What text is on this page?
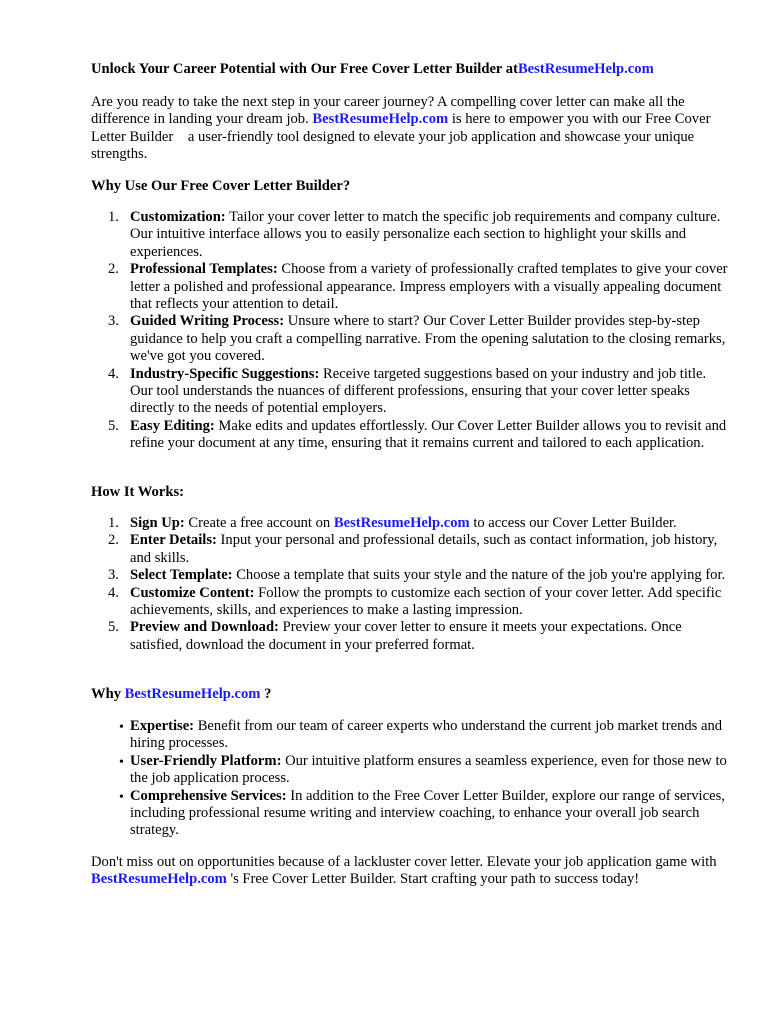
Unlock Your Career Potential with Our Free Cover Letter Builder atBestResumeHelp.com

Are you ready to take the next step in your career journey? A compelling cover letter can make all the difference in landing your dream job. BestResumeHelp.com is here to empower you with our Free Cover Letter Builder    a user-friendly tool designed to elevate your job application and showcase your unique strengths.

Why Use Our Free Cover Letter Builder?

1. Customization: Tailor your cover letter to match the specific job requirements and company culture. Our intuitive interface allows you to easily personalize each section to highlight your skills and experiences.
2. Professional Templates: Choose from a variety of professionally crafted templates to give your cover letter a polished and professional appearance. Impress employers with a visually appealing document that reflects your attention to detail.
3. Guided Writing Process: Unsure where to start? Our Cover Letter Builder provides step-by-step guidance to help you craft a compelling narrative. From the opening salutation to the closing remarks, we've got you covered.
4. Industry-Specific Suggestions: Receive targeted suggestions based on your industry and job title. Our tool understands the nuances of different professions, ensuring that your cover letter speaks directly to the needs of potential employers.
5. Easy Editing: Make edits and updates effortlessly. Our Cover Letter Builder allows you to revisit and refine your document at any time, ensuring that it remains current and tailored to each application.

How It Works:

1. Sign Up: Create a free account on BestResumeHelp.com to access our Cover Letter Builder.
2. Enter Details: Input your personal and professional details, such as contact information, job history, and skills.
3. Select Template: Choose a template that suits your style and the nature of the job you're applying for.
4. Customize Content: Follow the prompts to customize each section of your cover letter. Add specific achievements, skills, and experiences to make a lasting impression.
5. Preview and Download: Preview your cover letter to ensure it meets your expectations. Once satisfied, download the document in your preferred format.

Why BestResumeHelp.com ?

• Expertise: Benefit from our team of career experts who understand the current job market trends and hiring processes.
• User-Friendly Platform: Our intuitive platform ensures a seamless experience, even for those new to the job application process.
• Comprehensive Services: In addition to the Free Cover Letter Builder, explore our range of services, including professional resume writing and interview coaching, to enhance your overall job search strategy.

Don't miss out on opportunities because of a lackluster cover letter. Elevate your job application game with BestResumeHelp.com 's Free Cover Letter Builder. Start crafting your path to success today!
